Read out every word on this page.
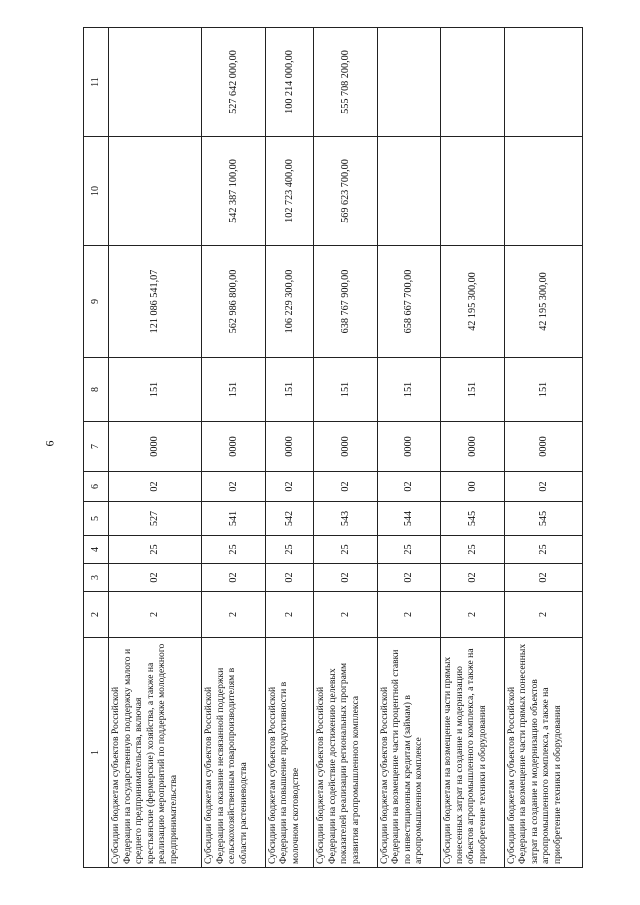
6
1	2	3	4	5	6	7	8	9	10	11
Субсидии бюджетам субъектов Российской Федерации на государственную поддержку малого и среднего предпринимательства, включая крестьянские (фермерские) хозяйства, а также на реализацию мероприятий по поддержке молодежного предпринимательства	2	02	25	527	02	0000	151	121 086 541,07		
Субсидии бюджетам субъектов Российской Федерации на оказание несвязанной поддержки сельскохозяйственным товаропроизводителям в области растениеводства	2	02	25	541	02	0000	151	562 986 800,00	542 387 100,00	527 642 000,00
Субсидии бюджетам субъектов Российской Федерации на повышение продуктивности в молочном скотоводстве	2	02	25	542	02	0000	151	106 229 300,00	102 723 400,00	100 214 000,00
Субсидии бюджетам субъектов Российской Федерации на содействие достижению целевых показателей реализации региональных программ развития агропромышленного комплекса	2	02	25	543	02	0000	151	638 767 900,00	569 623 700,00	555 708 200,00
Субсидии бюджетам субъектов Российской Федерации на возмещение части процентной ставки по инвестиционным кредитам (займам) в агропромышленном комплексе	2	02	25	544	02	0000	151	658 667 700,00		
Субсидии бюджетам на возмещение части прямых понесенных затрат на создание и модернизацию объектов агропромышленного комплекса, а также на приобретение техники и оборудования	2	02	25	545	00	0000	151	42 195 300,00		
Субсидии бюджетам субъектов Российской Федерации на возмещение части прямых понесенных затрат на создание и модернизацию объектов агропромышленного комплекса, а также на приобретение техники и оборудования	2	02	25	545	02	0000	151	42 195 300,00		
